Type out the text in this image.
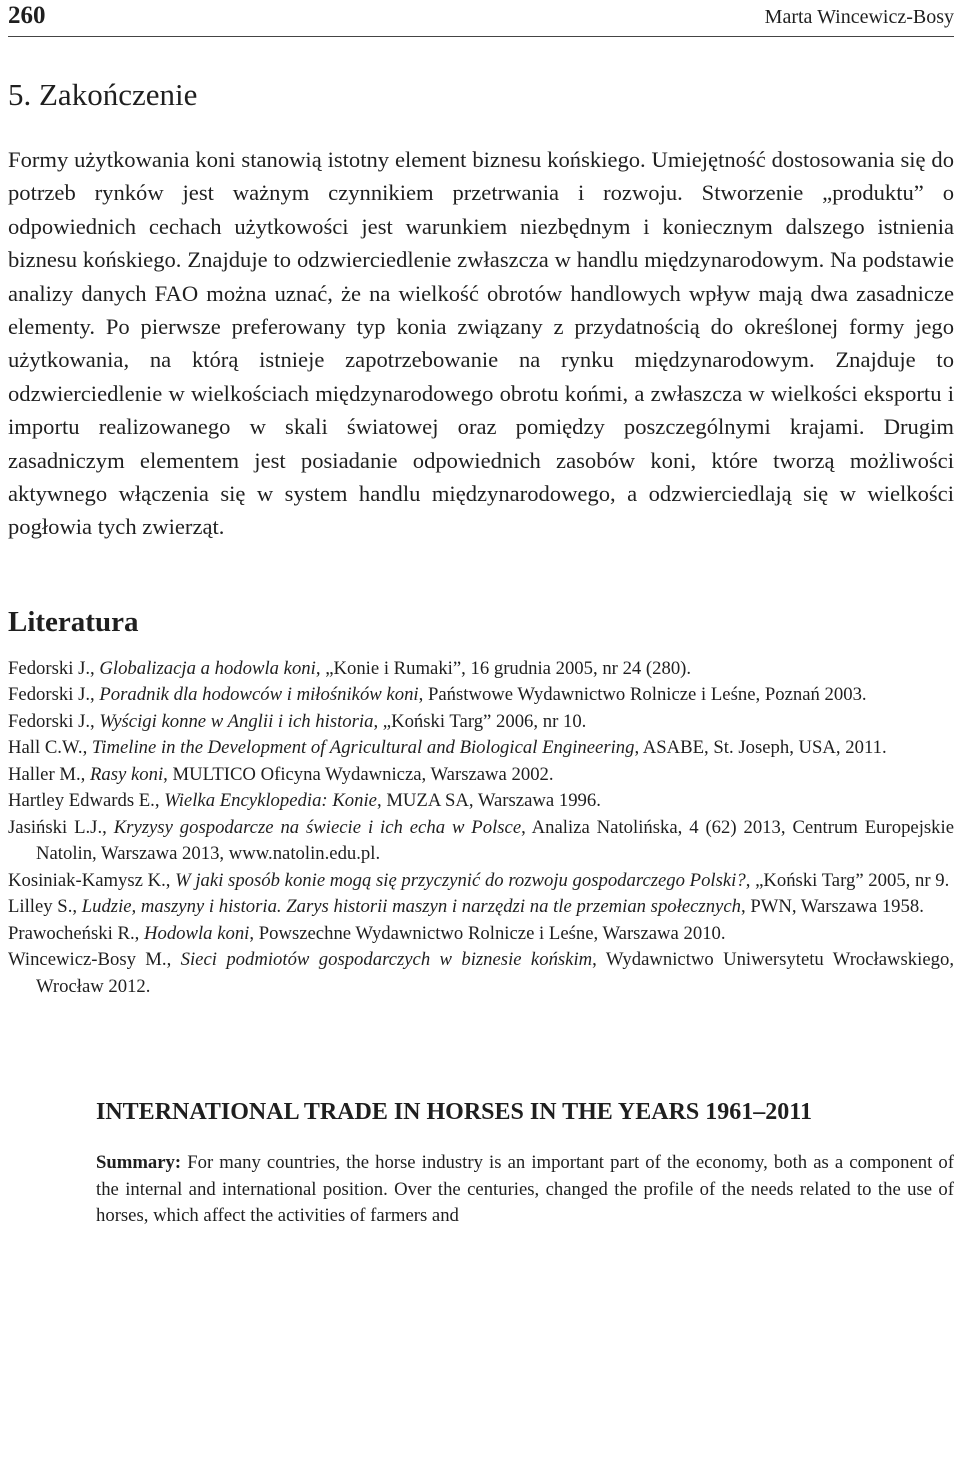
260	Marta Wincewicz-Bosy
5. Zakończenie

Formy użytkowania koni stanowią istotny element biznesu końskiego. Umiejętność dostosowania się do potrzeb rynków jest ważnym czynnikiem przetrwania i rozwoju. Stworzenie „produktu” o odpowiednich cechach użytkowości jest warunkiem niezbędnym i koniecznym dalszego istnienia biznesu końskiego. Znajduje to odzwierciedlenie zwłaszcza w handlu międzynarodowym. Na podstawie analizy danych FAO można uznać, że na wielkość obrotów handlowych wpływ mają dwa zasadnicze elementy. Po pierwsze preferowany typ konia związany z przydatnością do określonej formy jego użytkowania, na którą istnieje zapotrzebowanie na rynku międzynarodowym. Znajduje to odzwierciedlenie w wielkościach międzynarodowego obrotu końmi, a zwłaszcza w wielkości eksportu i importu realizowanego w skali światowej oraz pomiędzy poszczególnymi krajami. Drugim zasadniczym elementem jest posiadanie odpowiednich zasobów koni, które tworzą możliwości aktywnego włączenia się w system handlu międzynarodowego, a odzwierciedlają się w wielkości pogłowia tych zwierząt.

Literatura
Fedorski J., Globalizacja a hodowla koni, „Konie i Rumaki”, 16 grudnia 2005, nr 24 (280).
Fedorski J., Poradnik dla hodowców i miłośników koni, Państwowe Wydawnictwo Rolnicze i Leśne, Poznań 2003.
Fedorski J., Wyścigi konne w Anglii i ich historia, „Koński Targ” 2006, nr 10.
Hall C.W., Timeline in the Development of Agricultural and Biological Engineering, ASABE, St. Joseph, USA, 2011.
Haller M., Rasy koni, MULTICO Oficyna Wydawnicza, Warszawa 2002.
Hartley Edwards E., Wielka Encyklopedia: Konie, MUZA SA, Warszawa 1996.
Jasiński L.J., Kryzysy gospodarcze na świecie i ich echa w Polsce, Analiza Natolińska, 4 (62) 2013, Centrum Europejskie Natolin, Warszawa 2013, www.natolin.edu.pl.
Kosiniak-Kamysz K., W jaki sposób konie mogą się przyczynić do rozwoju gospodarczego Polski?, „Koński Targ” 2005, nr 9.
Lilley S., Ludzie, maszyny i historia. Zarys historii maszyn i narzędzi na tle przemian społecznych, PWN, Warszawa 1958.
Prawocheński R., Hodowla koni, Powszechne Wydawnictwo Rolnicze i Leśne, Warszawa 2010.
Wincewicz-Bosy M., Sieci podmiotów gospodarczych w biznesie końskim, Wydawnictwo Uniwersytetu Wrocławskiego, Wrocław 2012.
INTERNATIONAL TRADE IN HORSES IN THE YEARS 1961–2011

Summary: For many countries, the horse industry is an important part of the economy, both as a component of the internal and international position. Over the centuries, changed the profile of the needs related to the use of horses, which affect the activities of farmers and
